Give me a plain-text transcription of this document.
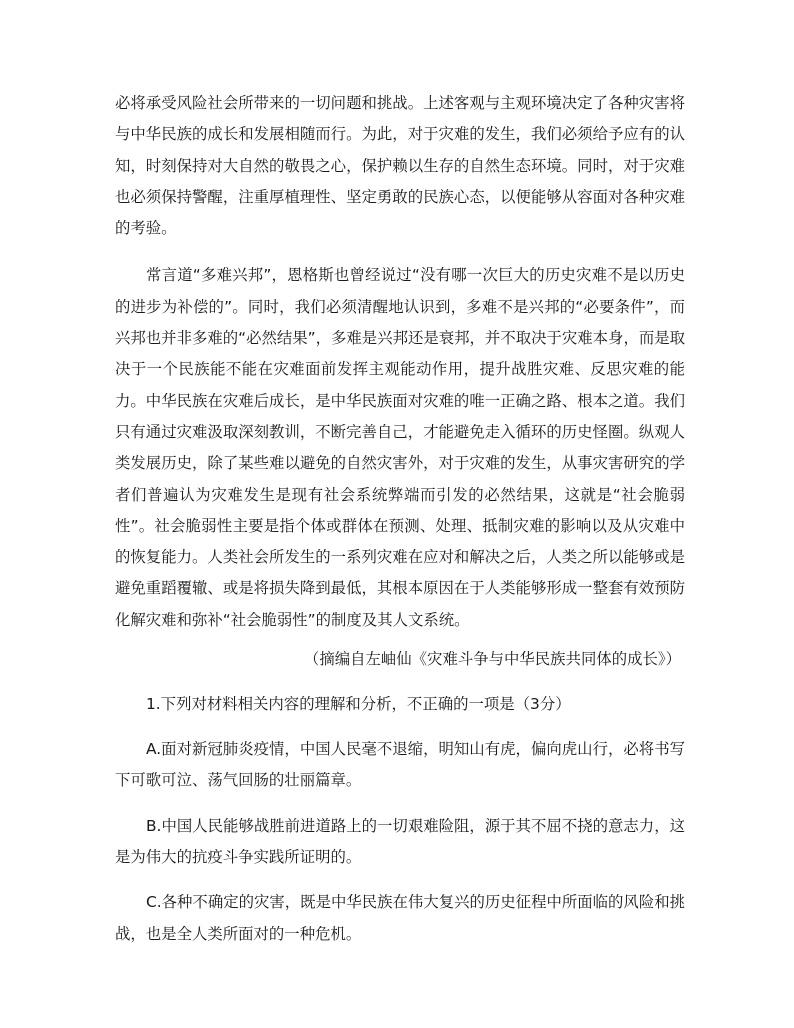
必将承受风险社会所带来的一切问题和挑战。上述客观与主观环境决定了各种灾害将与中华民族的成长和发展相随而行。为此，对于灾难的发生，我们必须给予应有的认知，时刻保持对大自然的敬畏之心，保护赖以生存的自然生态环境。同时，对于灾难也必须保持警醒，注重厚植理性、坚定勇敢的民族心态，以便能够从容面对各种灾难的考验。

常言道“多难兴邦”，恩格斯也曾经说过“没有哪一次巨大的历史灾难不是以历史的进步为补偿的”。同时，我们必须清醒地认识到，多难不是兴邦的“必要条件”，而兴邦也并非多难的“必然结果”，多难是兴邦还是衰邦，并不取决于灾难本身，而是取决于一个民族能不能在灾难面前发挥主观能动作用，提升战胜灾难、反思灾难的能力。中华民族在灾难后成长，是中华民族面对灾难的唯一正确之路、根本之道。我们只有通过灾难汲取深刻教训，不断完善自己，才能避免走入循环的历史怪圈。纵观人类发展历史，除了某些难以避免的自然灾害外，对于灾难的发生，从事灾害研究的学者们普遍认为灾难发生是现有社会系统弊端而引发的必然结果，这就是“社会脆弱性”。社会脆弱性主要是指个体或群体在预测、处理、抵制灾难的影响以及从灾难中的恢复能力。人类社会所发生的一系列灾难在应对和解决之后，人类之所以能够或是避免重蹈覆辙、或是将损失降到最低，其根本原因在于人类能够形成一整套有效预防化解灾难和弥补“社会脆弱性”的制度及其人文系统。

（摘编自左岫仙《灾难斗争与中华民族共同体的成长》）

1.下列对材料相关内容的理解和分析，不正确的一项是（3分）

A.面对新冠肺炎疫情，中国人民毫不退缩，明知山有虎，偏向虎山行，必将书写下可歌可泣、荡气回肠的壮丽篇章。

B.中国人民能够战胜前进道路上的一切艰难险阻，源于其不屈不挠的意志力，这是为伟大的抗疫斗争实践所证明的。

C.各种不确定的灾害，既是中华民族在伟大复兴的历史征程中所面临的风险和挑战，也是全人类所面对的一种危机。
